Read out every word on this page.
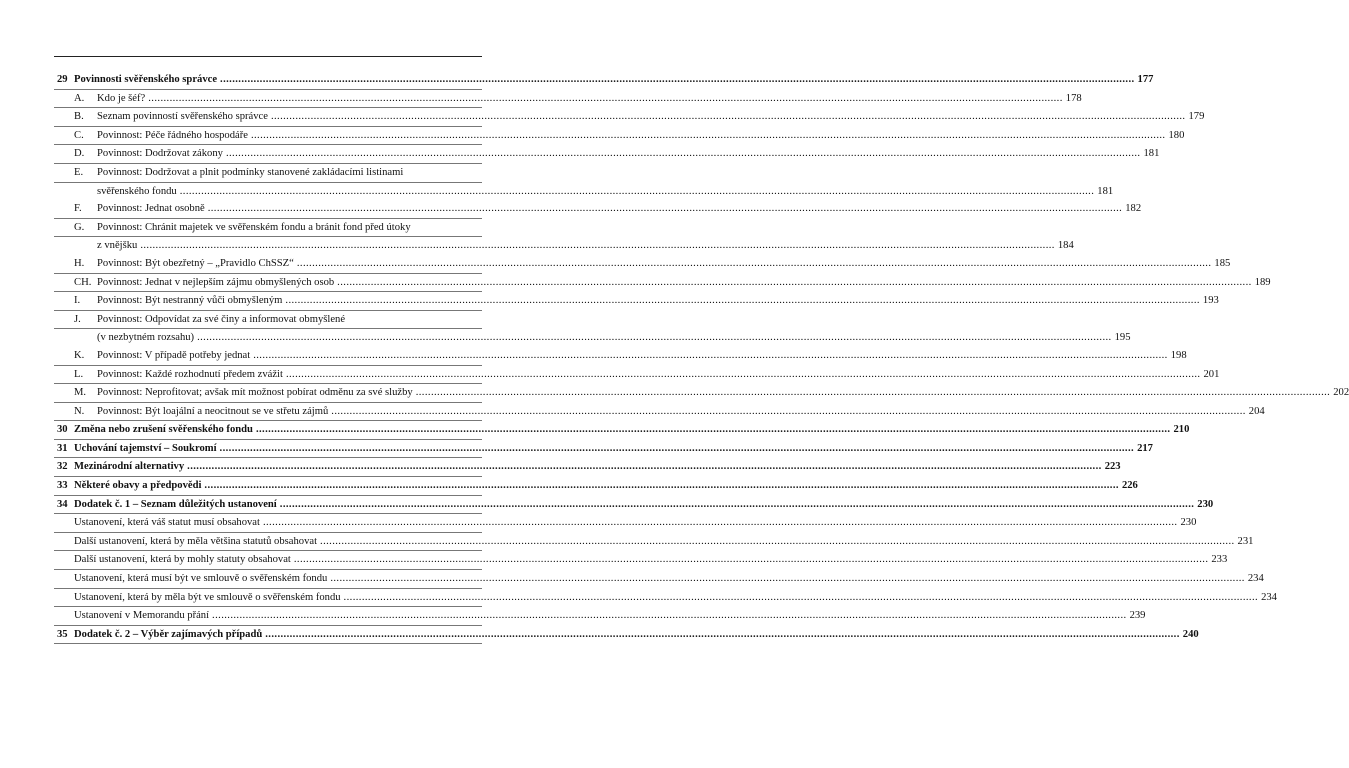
29 Povinnosti svěřenského správce ............................................................................................................................................................................................................................................................................................................ 177
A. Kdo je šéf? ............................................................................................................................................................................................................................................................................................................ 178
B. Seznam povinností svěřenského správce ............................................................................................................................................................................................................................................................................................................ 179
C. Povinnost: Péče řádného hospodáře ............................................................................................................................................................................................................................................................................................................ 180
D. Povinnost: Dodržovat zákony ............................................................................................................................................................................................................................................................................................................ 181
E. Povinnost: Dodržovat a plnit podmínky stanovené zakládacími listinami
svěřenského fondu ............................................................................................................................................................................................................................................................................................................ 181
F. Povinnost: Jednat osobně ............................................................................................................................................................................................................................................................................................................ 182
G. Povinnost: Chránit majetek ve svěřenském fondu a bránit fond před útoky
z vnějšku ............................................................................................................................................................................................................................................................................................................ 184
H. Povinnost: Být obezřetný – „Pravidlo ChSSZ“ ............................................................................................................................................................................................................................................................................................................ 185
CH. Povinnost: Jednat v nejlepším zájmu obmyšlených osob ............................................................................................................................................................................................................................................................................................................ 189
I. Povinnost: Být nestranný vůči obmyšleným ............................................................................................................................................................................................................................................................................................................ 193
J. Povinnost: Odpovídat za své činy a informovat obmyšlené
(v nezbytném rozsahu) ............................................................................................................................................................................................................................................................................................................ 195
K. Povinnost: V případě potřeby jednat ............................................................................................................................................................................................................................................................................................................ 198
L. Povinnost: Každé rozhodnutí předem zvážit ............................................................................................................................................................................................................................................................................................................ 201
M. Povinnost: Neprofitovat; avšak mít možnost pobírat odměnu za své služby ............................................................................................................................................................................................................................................................................................................ 202
N. Povinnost: Být loajální a neocitnout se ve střetu zájmů ............................................................................................................................................................................................................................................................................................................ 204
30 Změna nebo zrušení svěřenského fondu ............................................................................................................................................................................................................................................................................................................ 210
31 Uchování tajemství – Soukromí ............................................................................................................................................................................................................................................................................................................ 217
32 Mezinárodní alternativy ............................................................................................................................................................................................................................................................................................................ 223
33 Některé obavy a předpovědi ............................................................................................................................................................................................................................................................................................................ 226
34 Dodatek č. 1 – Seznam důležitých ustanovení ............................................................................................................................................................................................................................................................................................................ 230
Ustanovení, která váš statut musí obsahovat ............................................................................................................................................................................................................................................................................................................ 230
Další ustanovení, která by měla většina statutů obsahovat ............................................................................................................................................................................................................................................................................................................ 231
Další ustanovení, která by mohly statuty obsahovat ............................................................................................................................................................................................................................................................................................................ 233
Ustanovení, která musí být ve smlouvě o svěřenském fondu ............................................................................................................................................................................................................................................................................................................ 234
Ustanovení, která by měla být ve smlouvě o svěřenském fondu ............................................................................................................................................................................................................................................................................................................ 234
Ustanovení v Memorandu přání ............................................................................................................................................................................................................................................................................................................ 239
35 Dodatek č. 2 – Výběr zajímavých případů ............................................................................................................................................................................................................................................................................................................ 240
